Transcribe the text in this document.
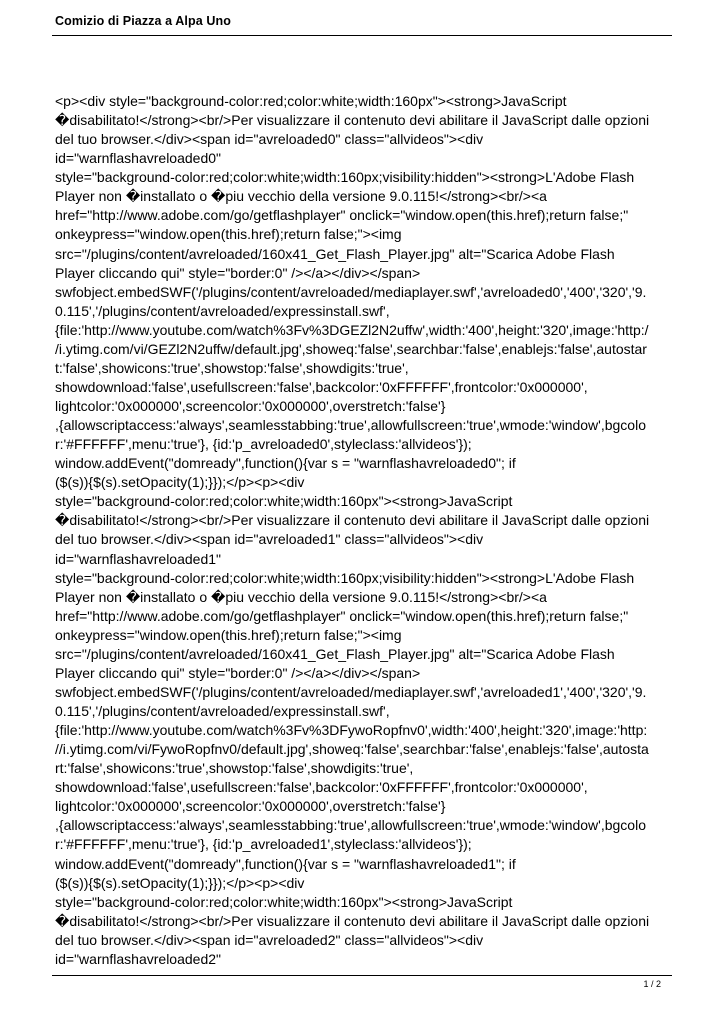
Comizio di Piazza a Alpa Uno
<p><div style="background-color:red;color:white;width:160px"><strong>JavaScript
�disabilitato!</strong><br/>Per visualizzare il contenuto devi abilitare il JavaScript dalle opzioni
del tuo browser.</div><span id="avreloaded0" class="allvideos"><div
id="warnflashavreloaded0"
style="background-color:red;color:white;width:160px;visibility:hidden"><strong>L'Adobe Flash
Player non �installato o �piu vecchio della versione 9.0.115!</strong><br/><a
href="http://www.adobe.com/go/getflashplayer" onclick="window.open(this.href);return false;"
onkeypress="window.open(this.href);return false;"><img
src="/plugins/content/avreloaded/160x41_Get_Flash_Player.jpg" alt="Scarica Adobe Flash
Player cliccando qui" style="border:0" /></a></div></span>
swfobject.embedSWF('/plugins/content/avreloaded/mediaplayer.swf','avreloaded0','400','320','9.
0.115','/plugins/content/avreloaded/expressinstall.swf',
{file:'http://www.youtube.com/watch%3Fv%3DGEZl2N2uffw',width:'400',height:'320',image:'http:/
/i.ytimg.com/vi/GEZl2N2uffw/default.jpg',showeq:'false',searchbar:'false',enablejs:'false',autostar
t:'false',showicons:'true',showstop:'false',showdigits:'true',
showdownload:'false',usefullscreen:'false',backcolor:'0xFFFFFF',frontcolor:'0x000000',
lightcolor:'0x000000',screencolor:'0x000000',overstretch:'false'}
,{allowscriptaccess:'always',seamlesstabbing:'true',allowfullscreen:'true',wmode:'window',bgcolo
r:'#FFFFFF',menu:'true'}, {id:'p_avreloaded0',styleclass:'allvideos'});
window.addEvent("domready",function(){var s = "warnflashavreloaded0"; if
($(s)){$(s).setOpacity(1);}});</p><p><div
style="background-color:red;color:white;width:160px"><strong>JavaScript
�disabilitato!</strong><br/>Per visualizzare il contenuto devi abilitare il JavaScript dalle opzioni
del tuo browser.</div><span id="avreloaded1" class="allvideos"><div
id="warnflashavreloaded1"
style="background-color:red;color:white;width:160px;visibility:hidden"><strong>L'Adobe Flash
Player non �installato o �piu vecchio della versione 9.0.115!</strong><br/><a
href="http://www.adobe.com/go/getflashplayer" onclick="window.open(this.href);return false;"
onkeypress="window.open(this.href);return false;"><img
src="/plugins/content/avreloaded/160x41_Get_Flash_Player.jpg" alt="Scarica Adobe Flash
Player cliccando qui" style="border:0" /></a></div></span>
swfobject.embedSWF('/plugins/content/avreloaded/mediaplayer.swf','avreloaded1','400','320','9.
0.115','/plugins/content/avreloaded/expressinstall.swf',
{file:'http://www.youtube.com/watch%3Fv%3DFywoRopfnv0',width:'400',height:'320',image:'http:
//i.ytimg.com/vi/FywoRopfnv0/default.jpg',showeq:'false',searchbar:'false',enablejs:'false',autosta
rt:'false',showicons:'true',showstop:'false',showdigits:'true',
showdownload:'false',usefullscreen:'false',backcolor:'0xFFFFFF',frontcolor:'0x000000',
lightcolor:'0x000000',screencolor:'0x000000',overstretch:'false'}
,{allowscriptaccess:'always',seamlesstabbing:'true',allowfullscreen:'true',wmode:'window',bgcolo
r:'#FFFFFF',menu:'true'}, {id:'p_avreloaded1',styleclass:'allvideos'});
window.addEvent("domready",function(){var s = "warnflashavreloaded1"; if
($(s)){$(s).setOpacity(1);}});</p><p><div
style="background-color:red;color:white;width:160px"><strong>JavaScript
�disabilitato!</strong><br/>Per visualizzare il contenuto devi abilitare il JavaScript dalle opzioni
del tuo browser.</div><span id="avreloaded2" class="allvideos"><div
id="warnflashavreloaded2"
1 / 2
